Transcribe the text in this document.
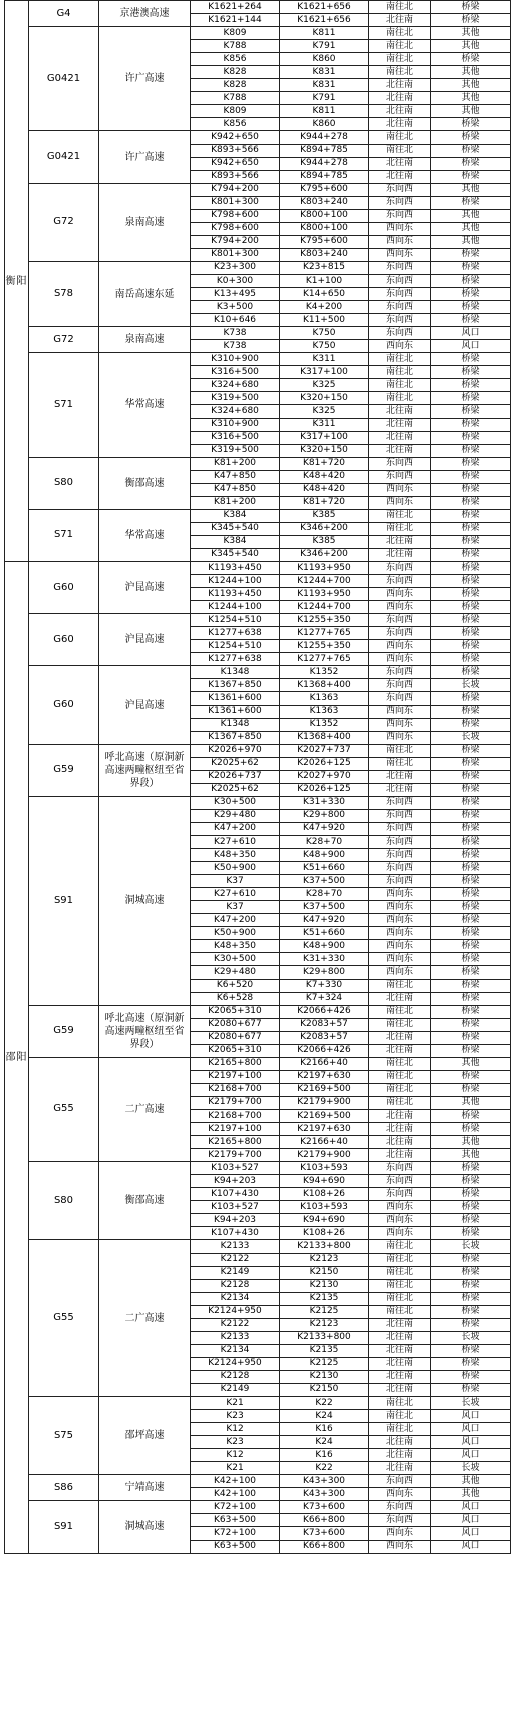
衡阳	G4	京港澳高速	K1621+264	K1621+656	南往北	桥梁
			K1621+144	K1621+656	北往南	桥梁
	G0421	许广高速	K809	K811	南往北	其他
			K788	K791	南往北	其他
			K856	K860	南往北	桥梁
			K828	K831	南往北	其他
			K828	K831	北往南	其他
			K788	K791	北往南	其他
			K809	K811	北往南	其他
			K856	K860	北往南	桥梁
	G0421	许广高速	K942+650	K944+278	南往北	桥梁
			K893+566	K894+785	南往北	桥梁
			K942+650	K944+278	北往南	桥梁
			K893+566	K894+785	北往南	桥梁
	G72	泉南高速	K794+200	K795+600	东向西	其他
			K801+300	K803+240	东向西	桥梁
			K798+600	K800+100	东向西	其他
			K798+600	K800+100	西向东	其他
			K794+200	K795+600	西向东	其他
			K801+300	K803+240	西向东	桥梁
	S78	南岳高速东延	K23+300	K23+815	东向西	桥梁
			K0+300	K1+100	东向西	桥梁
			K13+495	K14+650	东向西	桥梁
			K3+500	K4+200	东向西	桥梁
			K10+646	K11+500	东向西	桥梁
	G72	泉南高速	K738	K750	东向西	风口
			K738	K750	西向东	风口
	S71	华常高速	K310+900	K311	南往北	桥梁
			K316+500	K317+100	南往北	桥梁
			K324+680	K325	南往北	桥梁
			K319+500	K320+150	南往北	桥梁
			K324+680	K325	北往南	桥梁
			K310+900	K311	北往南	桥梁
			K316+500	K317+100	北往南	桥梁
			K319+500	K320+150	北往南	桥梁
	S80	衡邵高速	K81+200	K81+720	东向西	桥梁
			K47+850	K48+420	东向西	桥梁
			K47+850	K48+420	西向东	桥梁
			K81+200	K81+720	西向东	桥梁
	S71	华常高速	K384	K385	南往北	桥梁
			K345+540	K346+200	南往北	桥梁
			K384	K385	北往南	桥梁
			K345+540	K346+200	北往南	桥梁
邵阳	G60	沪昆高速	K1193+450	K1193+950	东向西	桥梁
			K1244+100	K1244+700	东向西	桥梁
			K1193+450	K1193+950	西向东	桥梁
			K1244+100	K1244+700	西向东	桥梁
	G60	沪昆高速	K1254+510	K1255+350	东向西	桥梁
			K1277+638	K1277+765	东向西	桥梁
			K1254+510	K1255+350	西向东	桥梁
			K1277+638	K1277+765	西向东	桥梁
	G60	沪昆高速	K1348	K1352	东向西	桥梁
			K1367+850	K1368+400	东向西	长坡
			K1361+600	K1363	东向西	桥梁
			K1361+600	K1363	西向东	桥梁
			K1348	K1352	西向东	桥梁
			K1367+850	K1368+400	西向东	长坡
	G59	呼北高速（原洞新高速两疃枢纽至省界段）	K2026+970	K2027+737	南往北	桥梁
			K2025+62	K2026+125	南往北	桥梁
			K2026+737	K2027+970	北往南	桥梁
			K2025+62	K2026+125	北往南	桥梁
	S91	洞城高速	K30+500	K31+330	东向西	桥梁
			K29+480	K29+800	东向西	桥梁
			K47+200	K47+920	东向西	桥梁
			K27+610	K28+70	东向西	桥梁
			K48+350	K48+900	东向西	桥梁
			K50+900	K51+660	东向西	桥梁
			K37	K37+500	东向西	桥梁
			K27+610	K28+70	西向东	桥梁
			K37	K37+500	西向东	桥梁
			K47+200	K47+920	西向东	桥梁
			K50+900	K51+660	西向东	桥梁
			K48+350	K48+900	西向东	桥梁
			K30+500	K31+330	西向东	桥梁
			K29+480	K29+800	西向东	桥梁
			K6+520	K7+330	南往北	桥梁
			K6+528	K7+324	北往南	桥梁
	G59	呼北高速（原洞新高速两疃枢纽至省界段）	K2065+310	K2066+426	南往北	桥梁
			K2080+677	K2083+57	南往北	桥梁
			K2080+677	K2083+57	北往南	桥梁
			K2065+310	K2066+426	北往南	桥梁
	G55	二广高速	K2165+800	K2166+40	南往北	其他
			K2197+100	K2197+630	南往北	桥梁
			K2168+700	K2169+500	南往北	桥梁
			K2179+700	K2179+900	南往北	其他
			K2168+700	K2169+500	北往南	桥梁
			K2197+100	K2197+630	北往南	桥梁
			K2165+800	K2166+40	北往南	其他
			K2179+700	K2179+900	北往南	其他
	S80	衡邵高速	K103+527	K103+593	东向西	桥梁
			K94+203	K94+690	东向西	桥梁
			K107+430	K108+26	东向西	桥梁
			K103+527	K103+593	西向东	桥梁
			K94+203	K94+690	西向东	桥梁
			K107+430	K108+26	西向东	桥梁
	G55	二广高速	K2133	K2133+800	南往北	长坡
			K2122	K2123	南往北	桥梁
			K2149	K2150	南往北	桥梁
			K2128	K2130	南往北	桥梁
			K2134	K2135	南往北	桥梁
			K2124+950	K2125	南往北	桥梁
			K2122	K2123	北往南	桥梁
			K2133	K2133+800	北往南	长坡
			K2134	K2135	北往南	桥梁
			K2124+950	K2125	北往南	桥梁
			K2128	K2130	北往南	桥梁
			K2149	K2150	北往南	桥梁
	S75	邵坪高速	K21	K22	南往北	长坡
			K23	K24	南往北	风口
			K12	K16	南往北	风口
			K23	K24	北往南	风口
			K12	K16	北往南	风口
			K21	K22	北往南	长坡
	S86	宁靖高速	K42+100	K43+300	东向西	其他
			K42+100	K43+300	西向东	其他
	S91	洞城高速	K72+100	K73+600	东向西	风口
			K63+500	K66+800	东向西	风口
			K72+100	K73+600	西向东	风口
			K63+500	K66+800	西向东	风口
